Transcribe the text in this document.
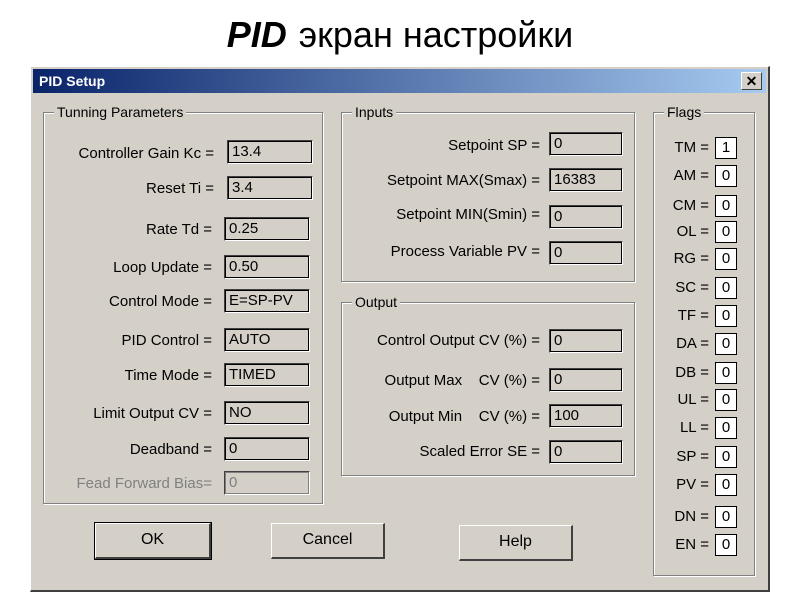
PID экран настройки
PID Setup	✕
Tunning Parameters	Inputs
Output
Flags
Controller Gain Kc =	13.4
Reset Ti =	3.4
Rate Td =	0.25
Loop Update =	0.50
Control Mode =	E=SP-PV
PID Control =	AUTO
Time Mode =	TIMED
Limit Output CV =	NO
Deadband =	0
Fead Forward Bias=	0
Setpoint SP = 0
Setpoint MAX(Smax) = 16383
Setpoint MIN(Smin) = 0
Process Variable PV = 0
Control Output CV (%) = 0
Output Max    CV (%) = 0
Output Min    CV (%) = 100
Scaled Error SE = 0
TM = 1
AM = 0
CM = 0
OL = 0
RG = 0
SC = 0
TF = 0
DA = 0
DB = 0
UL = 0
LL = 0
SP = 0
PV = 0
DN = 0
EN = 0
OK	Cancel	Help
